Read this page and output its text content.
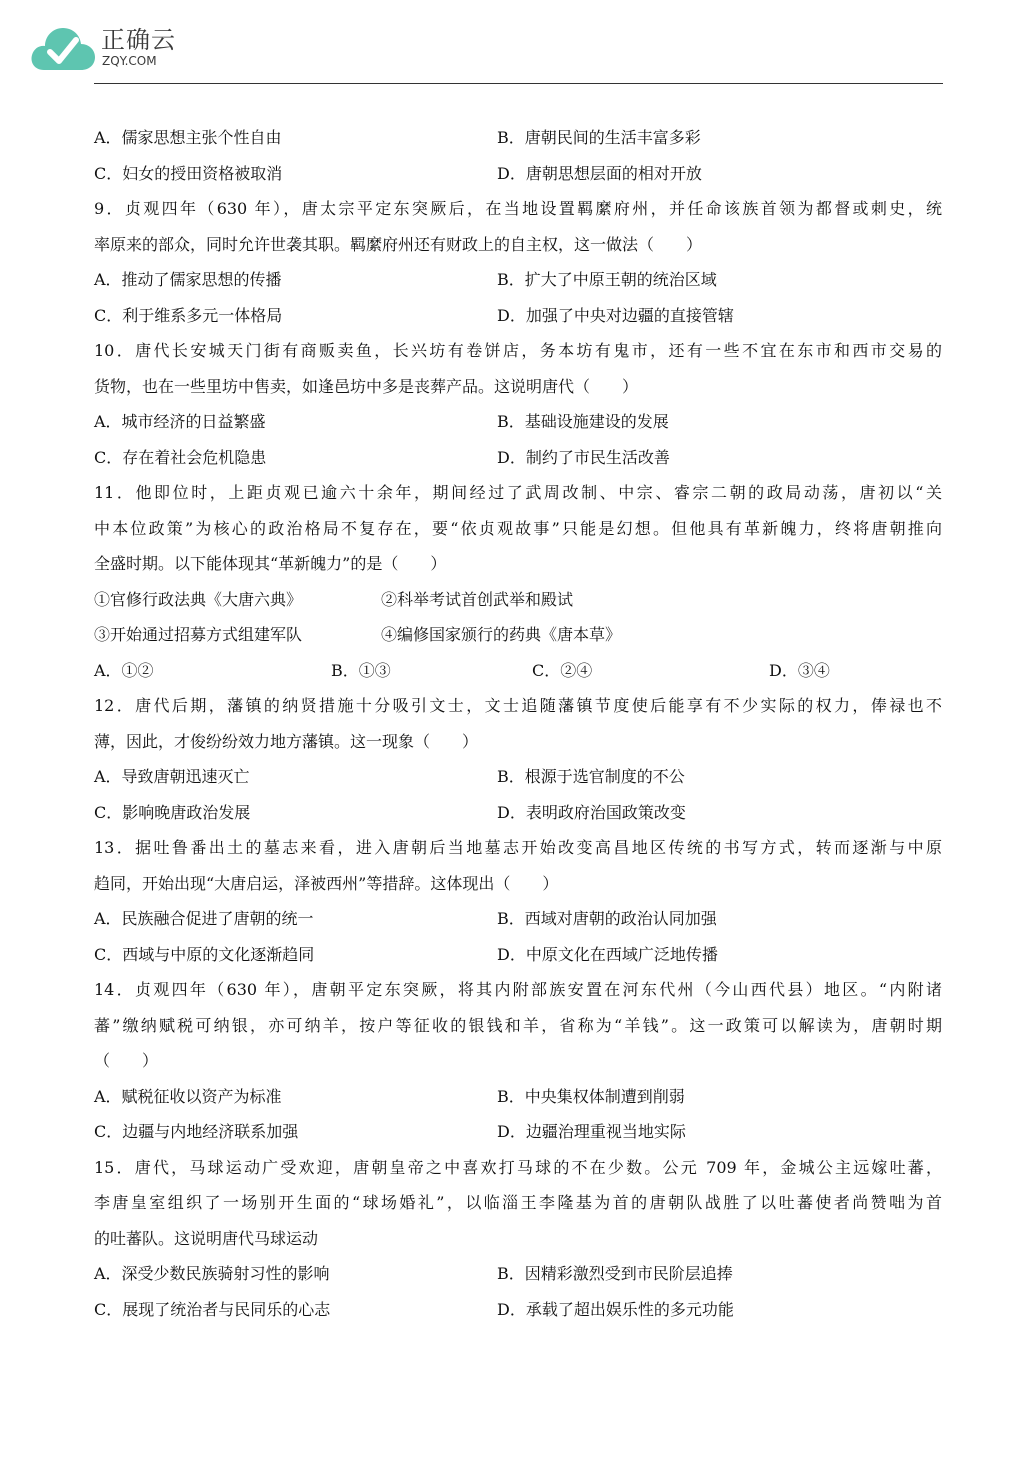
正确云
ZQY.COM
A．儒家思想主张个性自由	B．唐朝民间的生活丰富多彩
C．妇女的授田资格被取消	D．唐朝思想层面的相对开放
9．贞观四年（630 年），唐太宗平定东突厥后，在当地设置羁縻府州，并任命该族首领为都督或刺史，统
率原来的部众，同时允许世袭其职。羁縻府州还有财政上的自主权，这一做法（　　）
A．推动了儒家思想的传播	B．扩大了中原王朝的统治区域
C．利于维系多元一体格局	D．加强了中央对边疆的直接管辖
10．唐代长安城天门街有商贩卖鱼，长兴坊有卷饼店，务本坊有鬼市，还有一些不宜在东市和西市交易的
货物，也在一些里坊中售卖，如逢邑坊中多是丧葬产品。这说明唐代（　　）
A．城市经济的日益繁盛	B．基础设施建设的发展
C．存在着社会危机隐患	D．制约了市民生活改善
11．他即位时，上距贞观已逾六十余年，期间经过了武周改制、中宗、睿宗二朝的政局动荡，唐初以“关
中本位政策”为核心的政治格局不复存在，要“依贞观故事”只能是幻想。但他具有革新魄力，终将唐朝推向
全盛时期。以下能体现其“革新魄力”的是（　　）
①官修行政法典《大唐六典》	②科举考试首创武举和殿试
③开始通过招募方式组建军队	④编修国家颁行的药典《唐本草》
A．①②	B．①③	C．②④	D．③④
12．唐代后期，藩镇的纳贤措施十分吸引文士，文士追随藩镇节度使后能享有不少实际的权力，俸禄也不
薄，因此，才俊纷纷效力地方藩镇。这一现象（　　）
A．导致唐朝迅速灭亡	B．根源于选官制度的不公
C．影响晚唐政治发展	D．表明政府治国政策改变
13．据吐鲁番出土的墓志来看，进入唐朝后当地墓志开始改变高昌地区传统的书写方式，转而逐渐与中原
趋同，开始出现“大唐启运，泽被西州”等措辞。这体现出（　　）
A．民族融合促进了唐朝的统一	B．西域对唐朝的政治认同加强
C．西域与中原的文化逐渐趋同	D．中原文化在西域广泛地传播
14．贞观四年（630 年），唐朝平定东突厥，将其内附部族安置在河东代州（今山西代县）地区。“内附诸
蕃”缴纳赋税可纳银，亦可纳羊，按户等征收的银钱和羊，省称为“羊钱”。这一政策可以解读为，唐朝时期
（　　）
A．赋税征收以资产为标准	B．中央集权体制遭到削弱
C．边疆与内地经济联系加强	D．边疆治理重视当地实际
15．唐代，马球运动广受欢迎，唐朝皇帝之中喜欢打马球的不在少数。公元 709 年，金城公主远嫁吐蕃，
李唐皇室组织了一场别开生面的“球场婚礼”，以临淄王李隆基为首的唐朝队战胜了以吐蕃使者尚赞咄为首
的吐蕃队。这说明唐代马球运动
A．深受少数民族骑射习性的影响	B．因精彩激烈受到市民阶层追捧
C．展现了统治者与民同乐的心志	D．承载了超出娱乐性的多元功能
